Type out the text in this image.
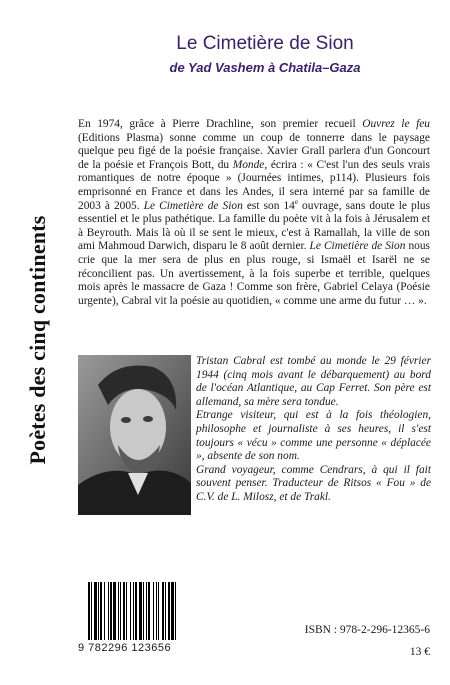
Poètes des cinq continents
Le Cimetière de Sion
de Yad Vashem à Chatila–Gaza

En 1974, grâce à Pierre Drachline, son premier recueil Ouvrez le feu (Editions Plasma) sonne comme un coup de tonnerre dans le paysage quelque peu figé de la poésie française. Xavier Grall parlera d'un Goncourt de la poésie et François Bott, du Monde, écrira : « C'est l'un des seuls vrais romantiques de notre époque » (Journées intimes, p114). Plusieurs fois emprisonné en France et dans les Andes, il sera interné par sa famille de 2003 à 2005. Le Cimetière de Sion est son 14e ouvrage, sans doute le plus essentiel et le plus pathétique. La famille du poète vit à la fois à Jérusalem et à Beyrouth. Mais là où il se sent le mieux, c'est à Ramallah, la ville de son ami Mahmoud Darwich, disparu le 8 août dernier. Le Cimetière de Sion nous crie que la mer sera de plus en plus rouge, si Ismaël et Isarël ne se réconcilient pas. Un avertissement, à la fois superbe et terrible, quelques mois après le massacre de Gaza ! Comme son frère, Gabriel Celaya (Poésie urgente), Cabral vit la poésie au quotidien, « comme une arme du futur … ».

Tristan Cabral est tombé au monde le 29 février 1944 (cinq mois avant le débarquement) au bord de l'océan Atlantique, au Cap Ferret. Son père est allemand, sa mère sera tondue.

Etrange visiteur, qui est à la fois théologien, philosophe et journaliste à ses heures, il s'est toujours « vécu » comme une personne « déplacée », absente de son nom.

Grand voyageur, comme Cendrars, à qui il fait souvent penser. Traducteur de Ritsos « Fou » de C.V. de L. Milosz, et de Trakl.

9 782296 123656
ISBN : 978-2-296-12365-6
13 €
